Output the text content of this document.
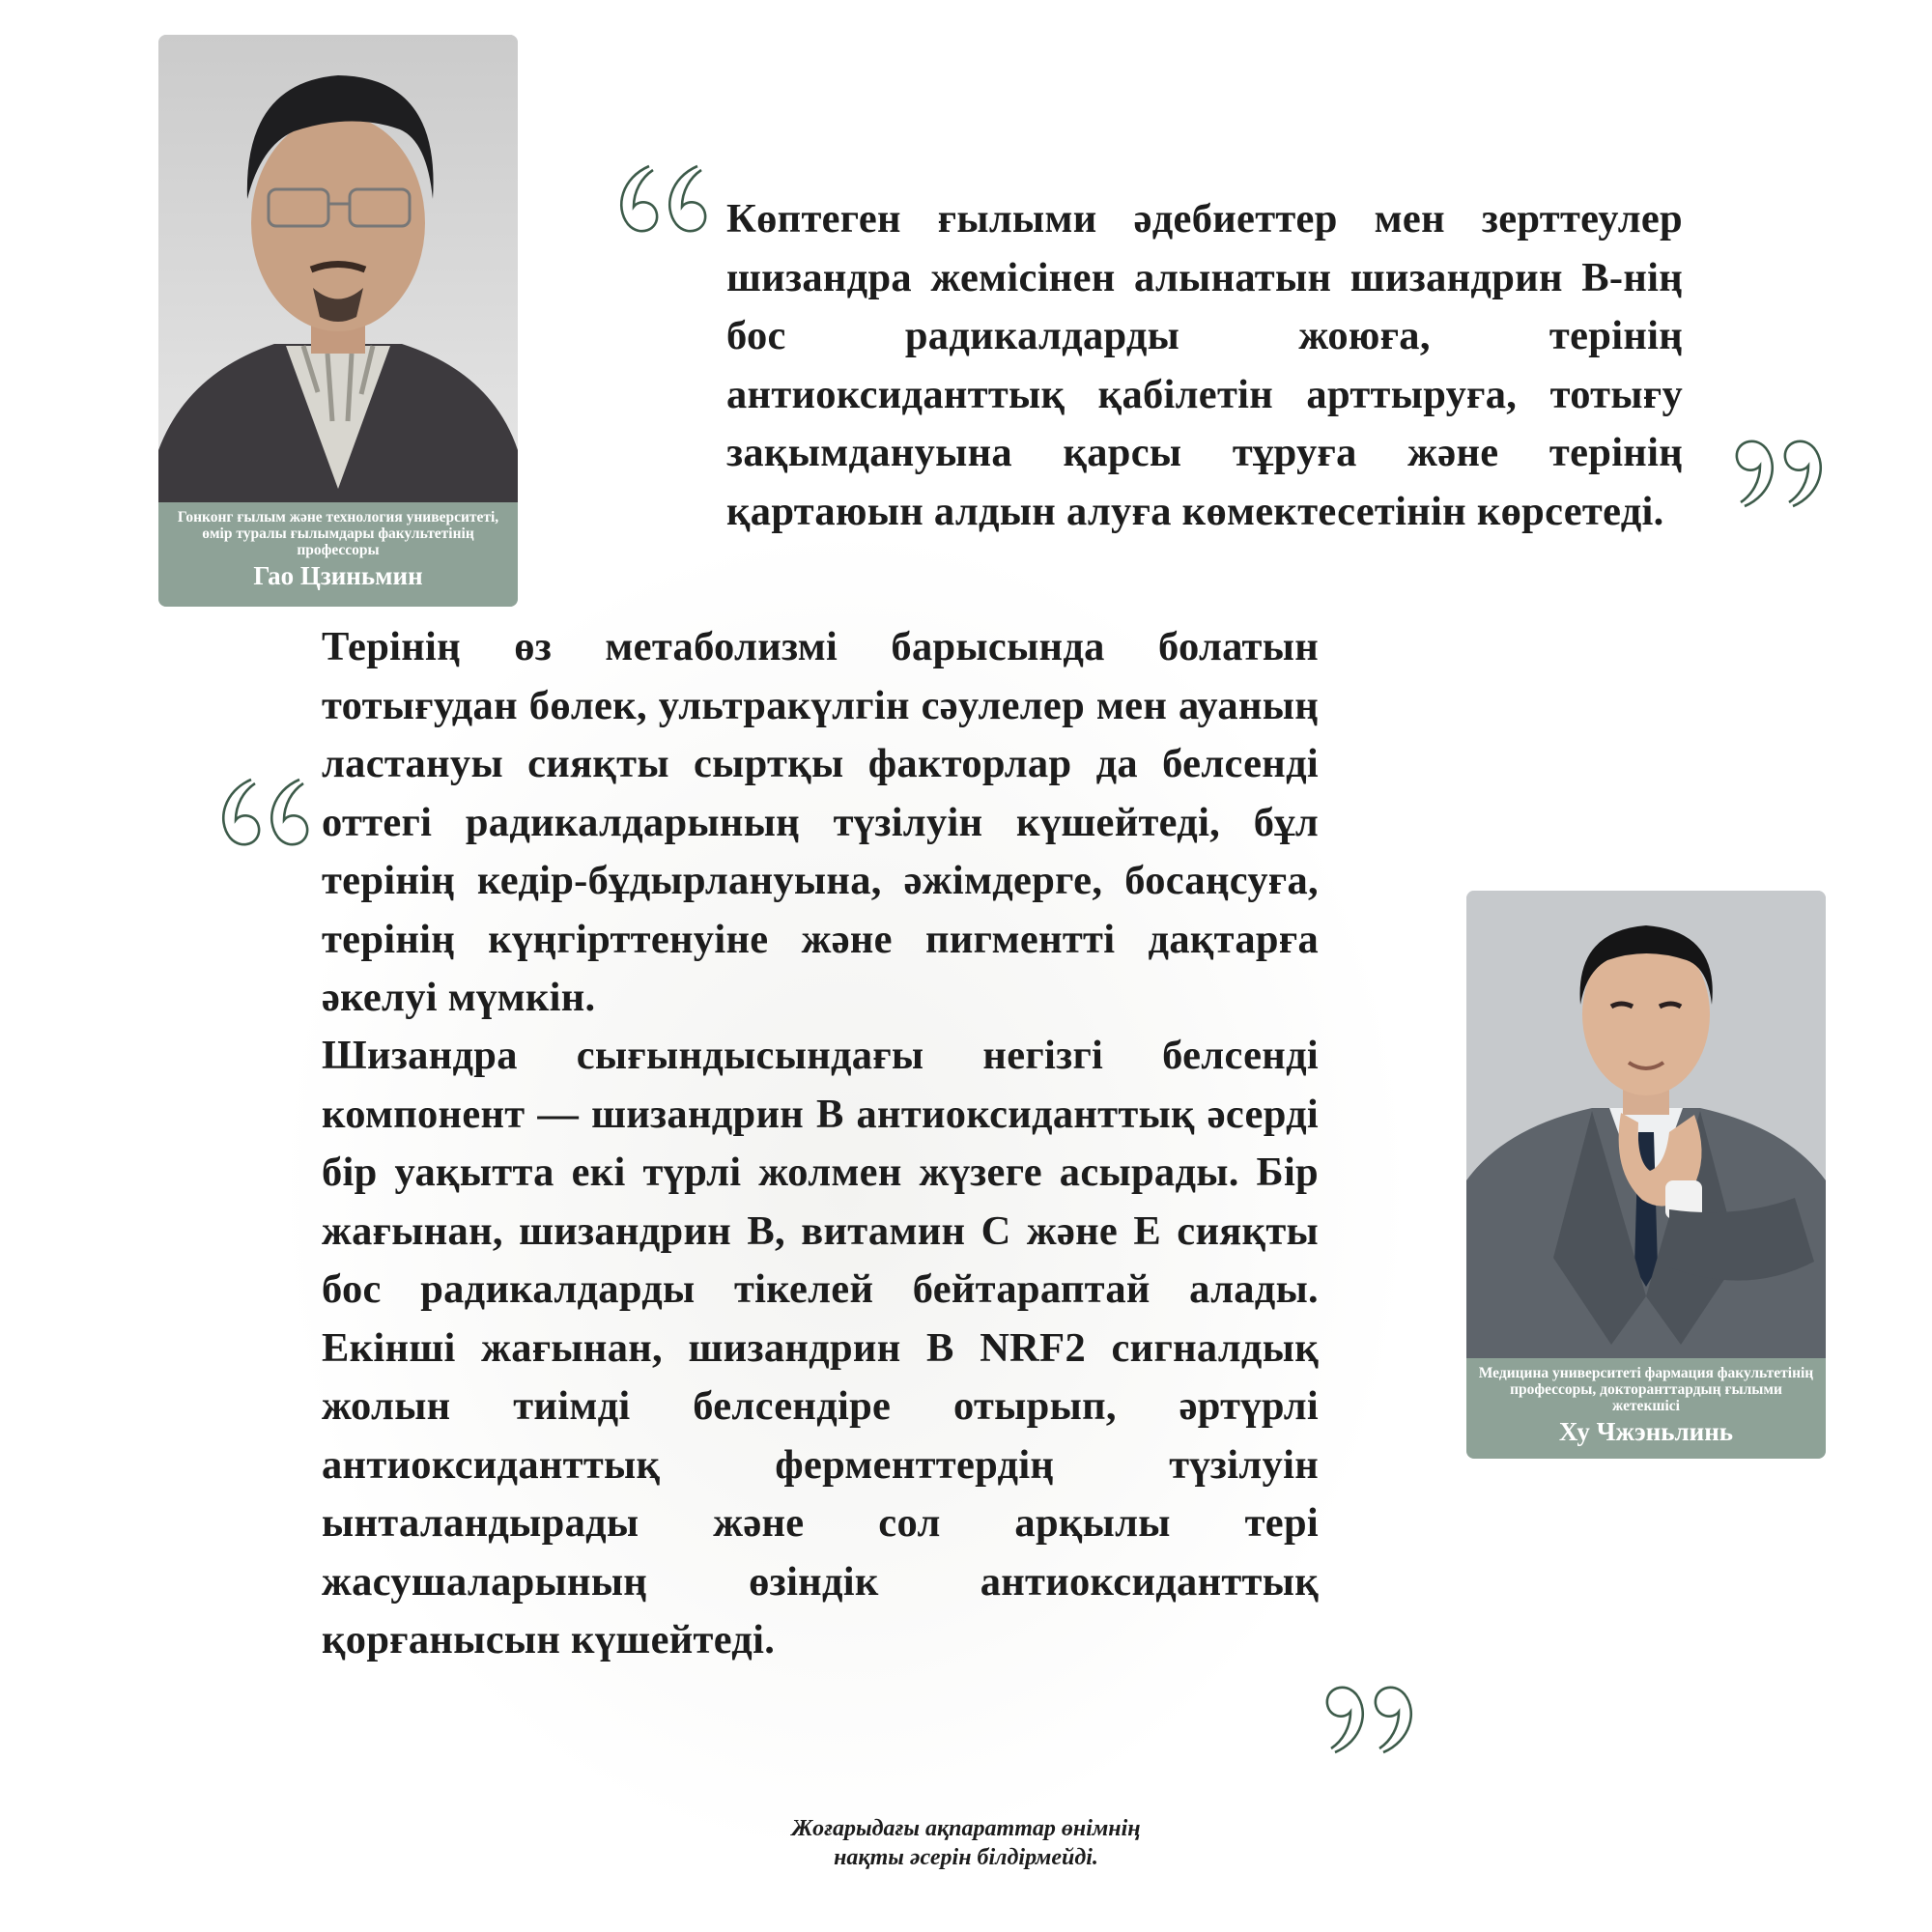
Гонконг ғылым және технология университеті, өмір туралы ғылымдары факультетінің профессоры
Гао Цзиньмин
Медицина университеті фармация факультетінің профессоры, докторанттардың ғылыми жетекшісі
Ху Чжэньлинь

Көптеген ғылыми әдебиеттер мен зерттеулер шизандра жемісінен алынатын шизандрин В-нің бос радикалдарды жоюға, терінің антиоксиданттық қабілетін арттыруға, тотығу зақымдануына қарсы тұруға және терінің қартаюын алдын алуға көмектесетінін көрсетеді.

Терінің өз метаболизмі барысында болатын тотығудан бөлек, ультракүлгін сәулелер мен ауаның ластануы сияқты сыртқы факторлар да белсенді оттегі радикалдарының түзілуін күшейтеді, бұл терінің кедір-бұдырлануына, әжімдерге, босаңсуға, терінің күңгірттенуіне және пигментті дақтарға әкелуі мүмкін.

Шизандра сығындысындағы негізгі белсенді компонент — шизандрин В антиоксиданттық әсерді бір уақытта екі түрлі жолмен жүзеге асырады. Бір жағынан, шизандрин В, витамин С және Е сияқты бос радикалдарды тікелей бейтараптай алады. Екінші жағынан, шизандрин В NRF2 сигналдық жолын тиімді белсендіре отырып, әртүрлі антиоксиданттық ферменттердің түзілуін ынталандырады және сол арқылы тері жасушаларының өзіндік антиоксиданттық қорғанысын күшейтеді.

Жоғарыдағы ақпараттар өнімнің
нақты әсерін білдірмейді.
